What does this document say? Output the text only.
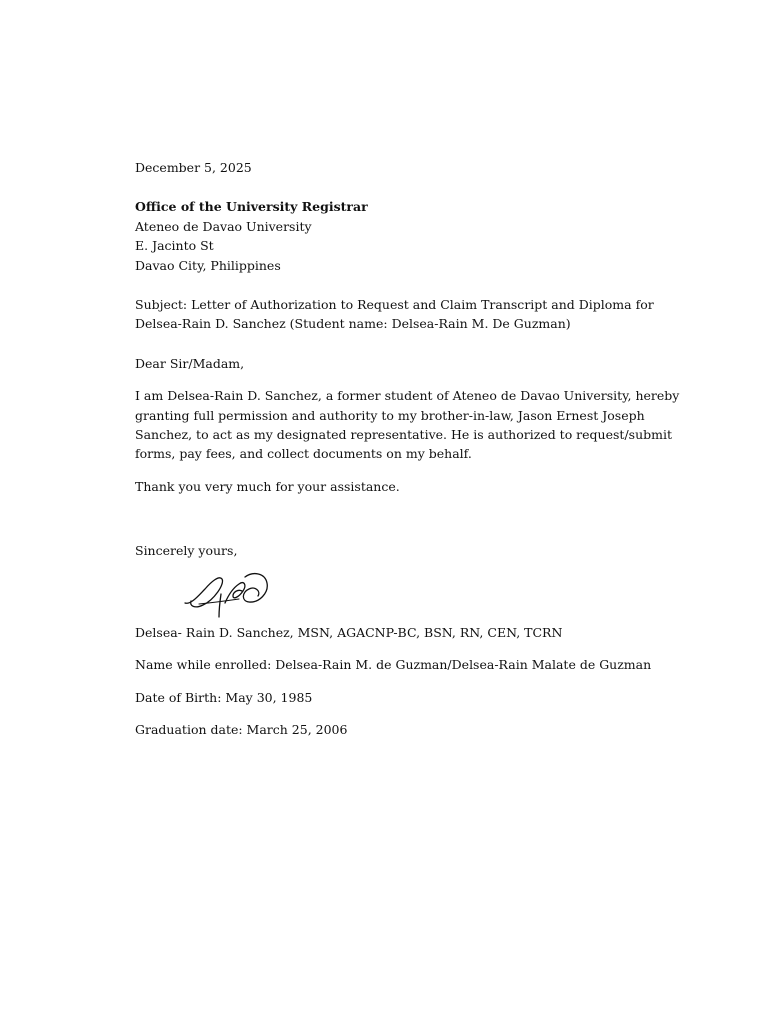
December 5, 2025
Office of the University Registrar
Ateneo de Davao University
E. Jacinto St
Davao City, Philippines
Subject: Letter of Authorization to Request and Claim Transcript and Diploma for
Delsea-Rain D. Sanchez (Student name: Delsea-Rain M. De Guzman)
Dear Sir/Madam,
I am Delsea-Rain D. Sanchez, a former student of Ateneo de Davao University, hereby
granting full permission and authority to my brother-in-law, Jason Ernest Joseph
Sanchez, to act as my designated representative. He is authorized to request/submit
forms, pay fees, and collect documents on my behalf.
Thank you very much for your assistance.
Sincerely yours,
Delsea- Rain D. Sanchez, MSN, AGACNP-BC, BSN, RN, CEN, TCRN
Name while enrolled: Delsea-Rain M. de Guzman/Delsea-Rain Malate de Guzman
Date of Birth: May 30, 1985
Graduation date: March 25, 2006
